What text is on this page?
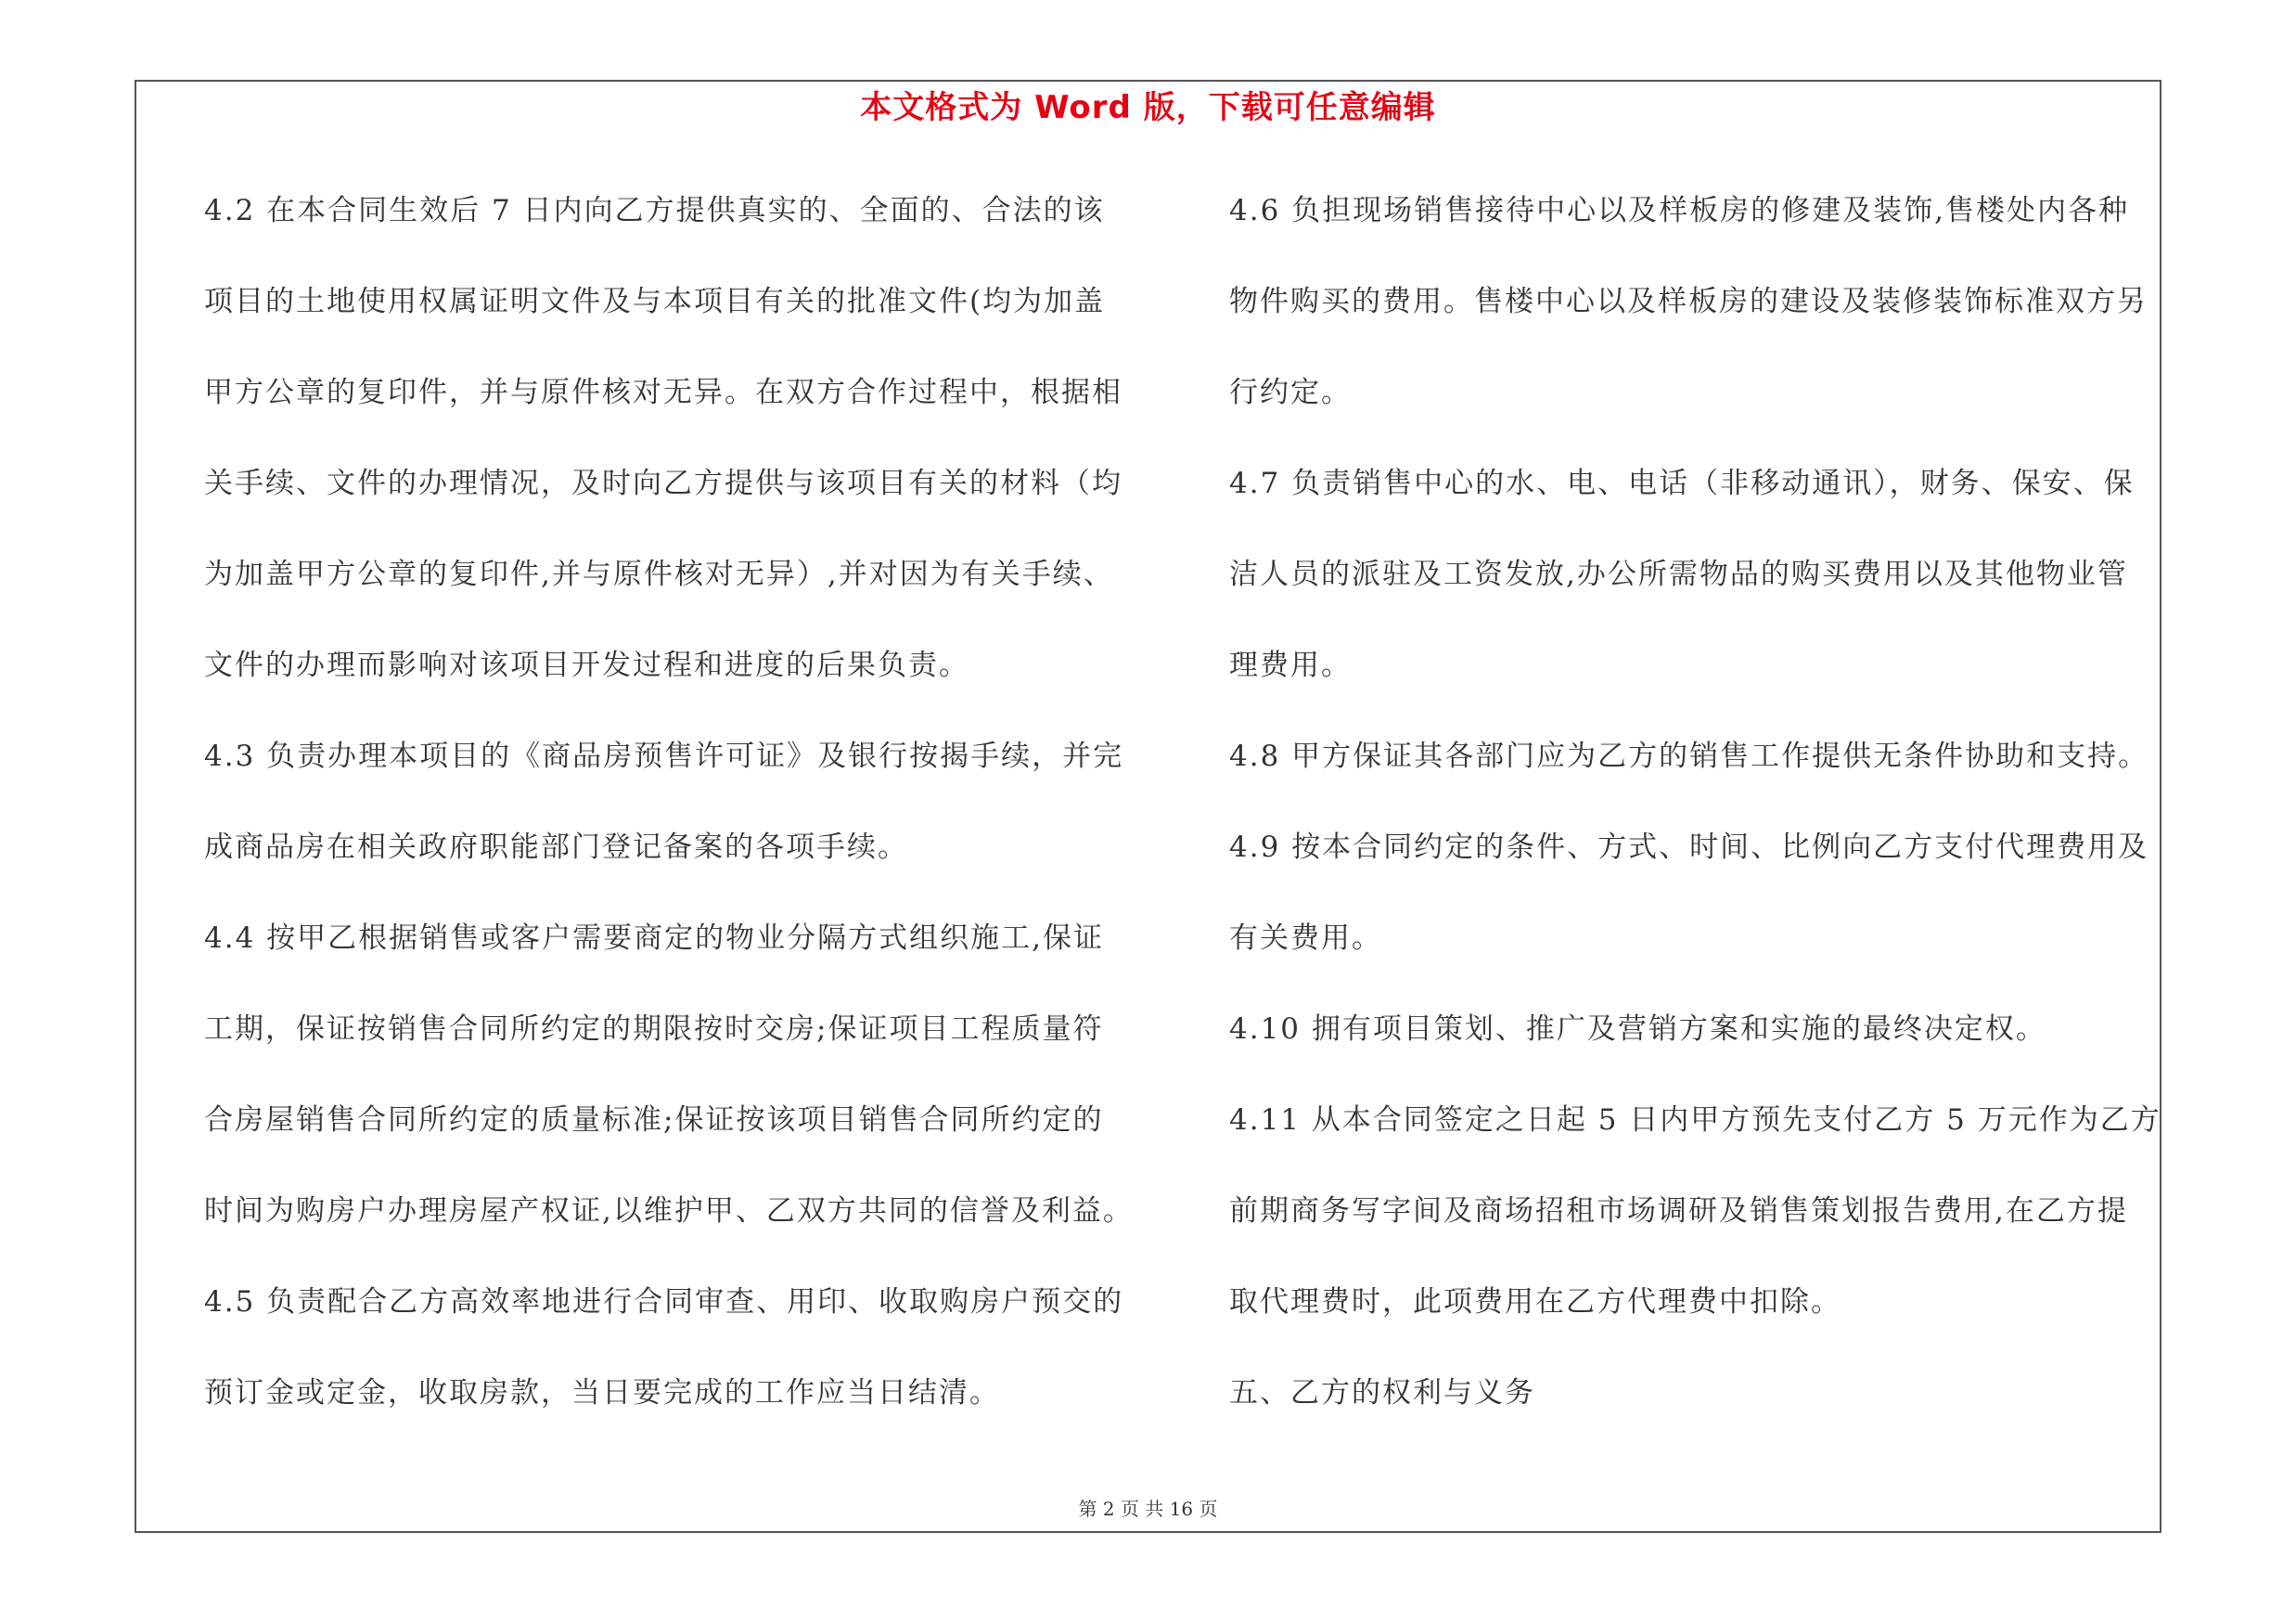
本文格式为 Word 版，下载可任意编辑
4.2 在本合同生效后 7 日内向乙方提供真实的、全面的、合法的该
项目的土地使用权属证明文件及与本项目有关的批准文件(均为加盖
甲方公章的复印件，并与原件核对无异。在双方合作过程中，根据相
关手续、文件的办理情况，及时向乙方提供与该项目有关的材料（均
为加盖甲方公章的复印件,并与原件核对无异）,并对因为有关手续、
文件的办理而影响对该项目开发过程和进度的后果负责。
4.3 负责办理本项目的《商品房预售许可证》及银行按揭手续，并完
成商品房在相关政府职能部门登记备案的各项手续。
4.4 按甲乙根据销售或客户需要商定的物业分隔方式组织施工,保证
工期，保证按销售合同所约定的期限按时交房;保证项目工程质量符
合房屋销售合同所约定的质量标准;保证按该项目销售合同所约定的
时间为购房户办理房屋产权证,以维护甲、乙双方共同的信誉及利益。
4.5 负责配合乙方高效率地进行合同审查、用印、收取购房户预交的
预订金或定金，收取房款，当日要完成的工作应当日结清。
4.6 负担现场销售接待中心以及样板房的修建及装饰,售楼处内各种
物件购买的费用。售楼中心以及样板房的建设及装修装饰标准双方另
行约定。
4.7 负责销售中心的水、电、电话（非移动通讯），财务、保安、保
洁人员的派驻及工资发放,办公所需物品的购买费用以及其他物业管
理费用。
4.8 甲方保证其各部门应为乙方的销售工作提供无条件协助和支持。
4.9 按本合同约定的条件、方式、时间、比例向乙方支付代理费用及
有关费用。
4.10 拥有项目策划、推广及营销方案和实施的最终决定权。
4.11 从本合同签定之日起 5 日内甲方预先支付乙方 5 万元作为乙方
前期商务写字间及商场招租市场调研及销售策划报告费用,在乙方提
取代理费时，此项费用在乙方代理费中扣除。
五、乙方的权利与义务
第 2 页 共 16 页
